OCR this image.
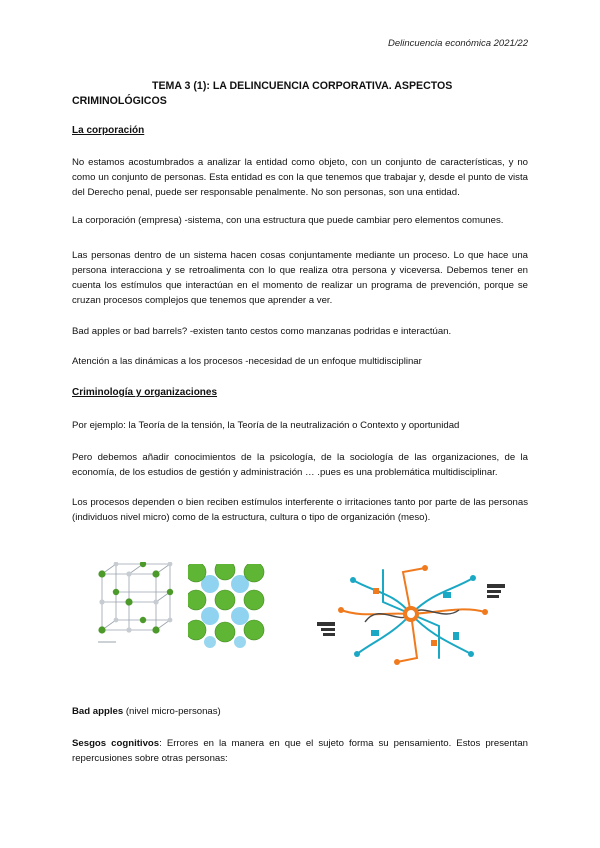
Delincuencia económica 2021/22
TEMA 3 (1): LA DELINCUENCIA CORPORATIVA. ASPECTOS
CRIMINOLÓGICOS
La corporación
No estamos acostumbrados a analizar la entidad como objeto, con un conjunto de características, y no como un conjunto de personas. Esta entidad es con la que tenemos que trabajar y, desde el punto de vista del Derecho penal, puede ser responsable penalmente. No son personas, son una entidad.
La corporación (empresa) -sistema, con una estructura que puede cambiar pero elementos comunes.
Las personas dentro de un sistema hacen cosas conjuntamente mediante un proceso. Lo que hace una persona interacciona y se retroalimenta con lo que realiza otra persona y viceversa. Debemos tener en cuenta los estímulos que interactúan en el momento de realizar un programa de prevención, porque se cruzan procesos complejos que tenemos que aprender a ver.
Bad apples or bad barrels? -existen tanto cestos como manzanas podridas e interactúan.
Atención a las dinámicas a los procesos -necesidad de un enfoque multidisciplinar
Criminología y organizaciones
Por ejemplo: la Teoría de la tensión, la Teoría de la neutralización o Contexto y oportunidad
Pero debemos añadir conocimientos de la psicología, de la sociología de las organizaciones, de la economía, de los estudios de gestión y administración … .pues es una problemática multidisciplinar.
Los procesos dependen o bien reciben estímulos interferente o irritaciones tanto por parte de las personas (individuos nivel micro) como de la estructura, cultura o tipo de organización (meso).
Bad apples (nivel micro-personas)
Sesgos cognitivos: Errores en la manera en que el sujeto forma su pensamiento. Estos presentan repercusiones sobre otras personas:
